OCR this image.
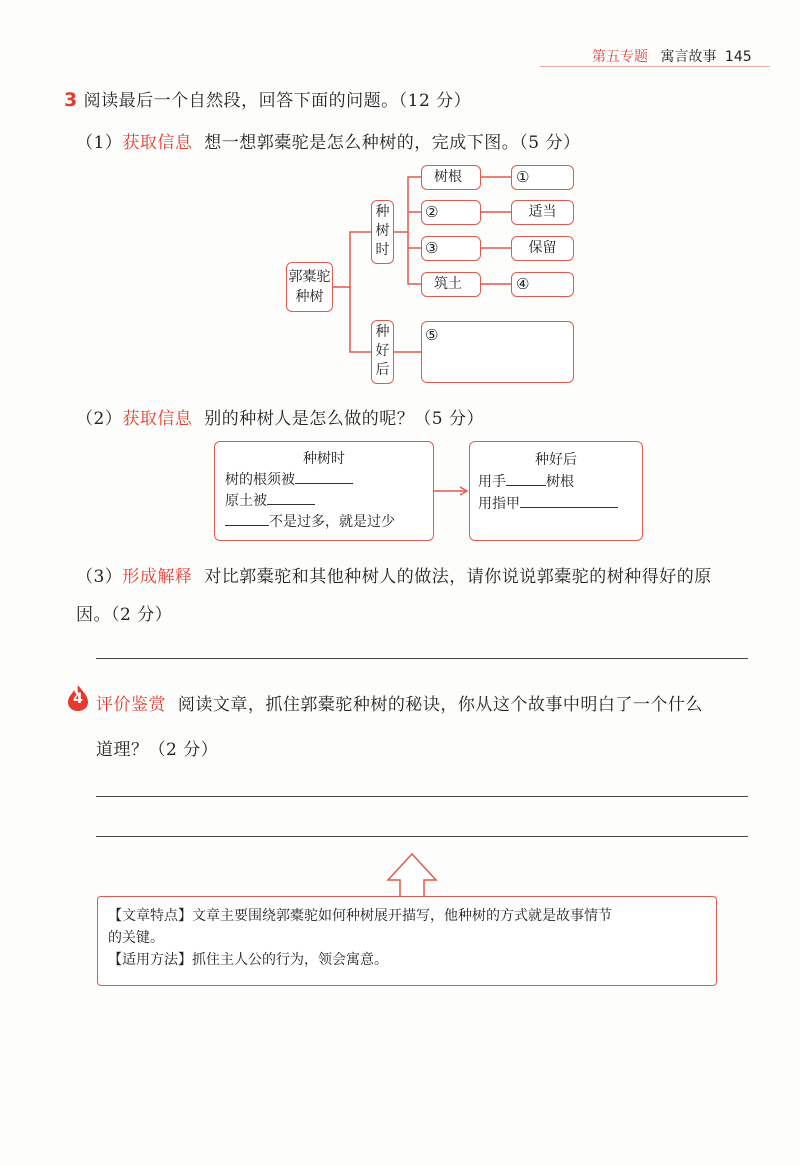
第五专题 寓言故事 145
3 阅读最后一个自然段，回答下面的问题。（12 分）
（1）获取信息 想一想郭橐驼是怎么种树的，完成下图。（5 分）
郭橐驼
种树
种
树
时
种
好
后
树根	①
②	适当
③	保留
筑土	④
⑤
（2）获取信息 别的种树人是怎么做的呢？（5 分）
种树时
树的根须被
原土被
不是过多，就是过少
种好后
用手	树根
用指甲
（3）形成解释 对比郭橐驼和其他种树人的做法，请你说说郭橐驼的树种得好的原
因。（2 分）
4 评价鉴赏 阅读文章，抓住郭橐驼种树的秘诀，你从这个故事中明白了一个什么
道理？（2 分）
【文章特点】文章主要围绕郭橐驼如何种树展开描写，他种树的方式就是故事情节
的关键。
【适用方法】抓住主人公的行为，领会寓意。
